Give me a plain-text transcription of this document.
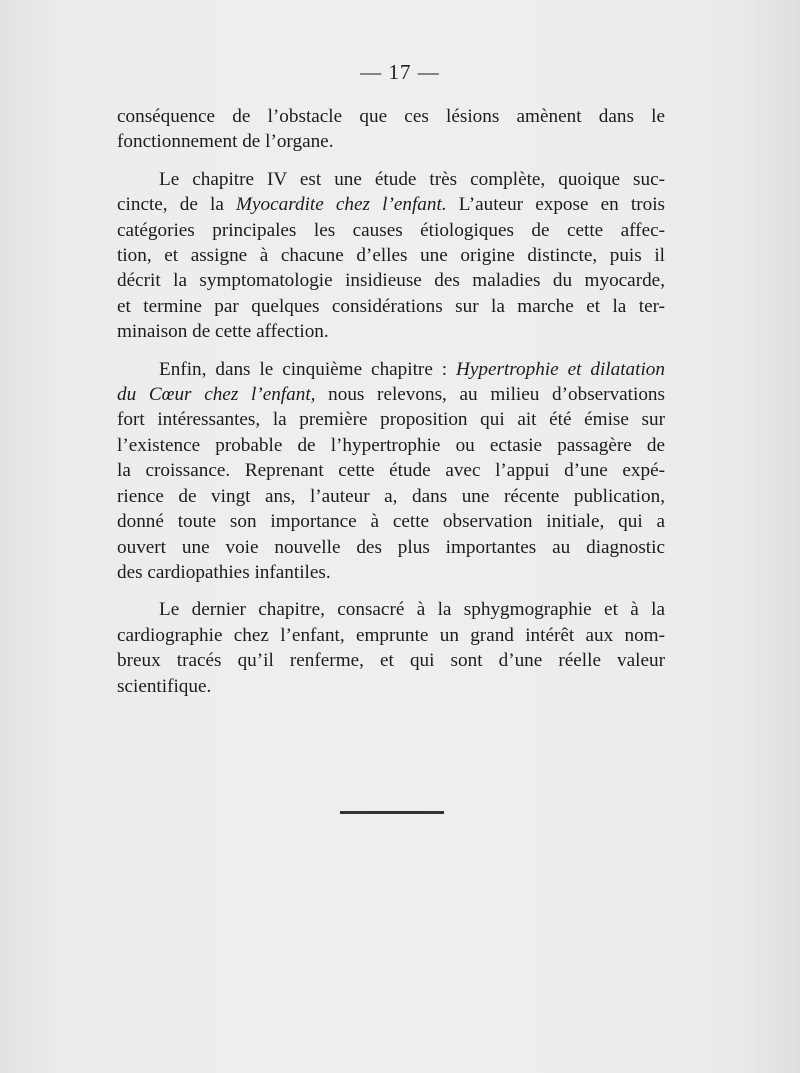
— 17 —

conséquence de l’obstacle que ces lésions amènent dans le
fonctionnement de l’organe.

Le chapitre IV est une étude très complète, quoique suc-
cincte, de la Myocardite chez l’enfant. L’auteur expose en trois
catégories principales les causes étiologiques de cette affec-
tion, et assigne à chacune d’elles une origine distincte, puis il
décrit la symptomatologie insidieuse des maladies du myocarde,
et termine par quelques considérations sur la marche et la ter-
minaison de cette affection.

Enfin, dans le cinquième chapitre : Hypertrophie et dilatation
du Cœur chez l’enfant, nous relevons, au milieu d’observations
fort intéressantes, la première proposition qui ait été émise sur
l’existence probable de l’hypertrophie ou ectasie passagère de
la croissance. Reprenant cette étude avec l’appui d’une expé-
rience de vingt ans, l’auteur a, dans une récente publication,
donné toute son importance à cette observation initiale, qui a
ouvert une voie nouvelle des plus importantes au diagnostic
des cardiopathies infantiles.

Le dernier chapitre, consacré à la sphygmographie et à la
cardiographie chez l’enfant, emprunte un grand intérêt aux nom-
breux tracés qu’il renferme, et qui sont d’une réelle valeur
scientifique.
